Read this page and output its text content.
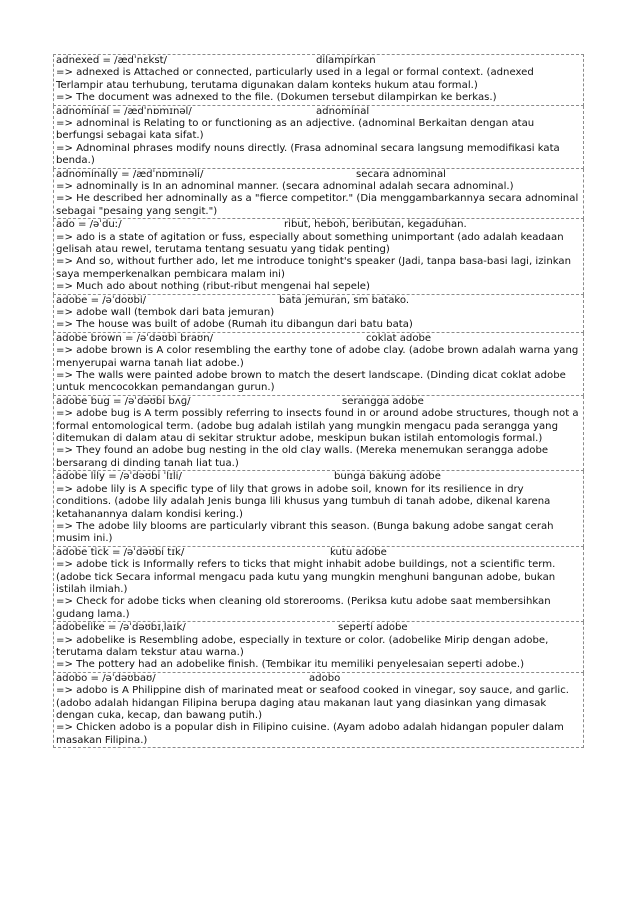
adnexed = /ædˈnɛkst/	dilampirkan
=> adnexed is Attached or connected, particularly used in a legal or formal context. (adnexed Terlampir atau terhubung, terutama digunakan dalam konteks hukum atau formal.)
=> The document was adnexed to the file. (Dokumen tersebut dilampirkan ke berkas.)
adnominal = /ædˈnɒmɪnəl/	adnominal
=> adnominal is Relating to or functioning as an adjective. (adnominal Berkaitan dengan atau berfungsi sebagai kata sifat.)
=> Adnominal phrases modify nouns directly. (Frasa adnominal secara langsung memodifikasi kata benda.)
adnominally = /ædˈnɒmɪnəli/	secara adnominal
=> adnominally is In an adnominal manner. (secara adnominal adalah secara adnominal.)
=> He described her adnominally as a "fierce competitor." (Dia menggambarkannya secara adnominal sebagai "pesaing yang sengit.")
ado = /əˈduː/	ribut, heboh, beributan, kegaduhan.
=> ado is a state of agitation or fuss, especially about something unimportant (ado adalah keadaan gelisah atau rewel, terutama tentang sesuatu yang tidak penting)
=> And so, without further ado, let me introduce tonight's speaker (Jadi, tanpa basa-basi lagi, izinkan saya memperkenalkan pembicara malam ini)
=> Much ado about nothing (ribut-ribut mengenai hal sepele)
adobe = /əˈdoʊbi/	bata jemuran, sm batako.
=> adobe wall (tembok dari bata jemuran)
=> The house was built of adobe (Rumah itu dibangun dari batu bata)
adobe brown = /əˈdəʊbi braʊn/	coklat adobe
=> adobe brown is A color resembling the earthy tone of adobe clay. (adobe brown adalah warna yang menyerupai warna tanah liat adobe.)
=> The walls were painted adobe brown to match the desert landscape. (Dinding dicat coklat adobe untuk mencocokkan pemandangan gurun.)
adobe bug = /əˈdəʊbi bʌɡ/	serangga adobe
=> adobe bug is A term possibly referring to insects found in or around adobe structures, though not a formal entomological term. (adobe bug adalah istilah yang mungkin mengacu pada serangga yang ditemukan di dalam atau di sekitar struktur adobe, meskipun bukan istilah entomologis formal.)
=> They found an adobe bug nesting in the old clay walls. (Mereka menemukan serangga adobe bersarang di dinding tanah liat tua.)
adobe lily = /əˈdəʊbi ˈlɪli/	bunga bakung adobe
=> adobe lily is A specific type of lily that grows in adobe soil, known for its resilience in dry conditions. (adobe lily adalah Jenis bunga lili khusus yang tumbuh di tanah adobe, dikenal karena ketahanannya dalam kondisi kering.)
=> The adobe lily blooms are particularly vibrant this season. (Bunga bakung adobe sangat cerah musim ini.)
adobe tick = /əˈdəʊbi tɪk/	kutu adobe
=> adobe tick is Informally refers to ticks that might inhabit adobe buildings, not a scientific term. (adobe tick Secara informal mengacu pada kutu yang mungkin menghuni bangunan adobe, bukan istilah ilmiah.)
=> Check for adobe ticks when cleaning old storerooms. (Periksa kutu adobe saat membersihkan gudang lama.)
adobelike = /əˈdəʊbɪˌlaɪk/	seperti adobe
=> adobelike is Resembling adobe, especially in texture or color. (adobelike Mirip dengan adobe, terutama dalam tekstur atau warna.)
=> The pottery had an adobelike finish. (Tembikar itu memiliki penyelesaian seperti adobe.)
adobo = /əˈdəʊbaʊ/	adobo
=> adobo is A Philippine dish of marinated meat or seafood cooked in vinegar, soy sauce, and garlic. (adobo adalah hidangan Filipina berupa daging atau makanan laut yang diasinkan yang dimasak dengan cuka, kecap, dan bawang putih.)
=> Chicken adobo is a popular dish in Filipino cuisine. (Ayam adobo adalah hidangan populer dalam masakan Filipina.)
